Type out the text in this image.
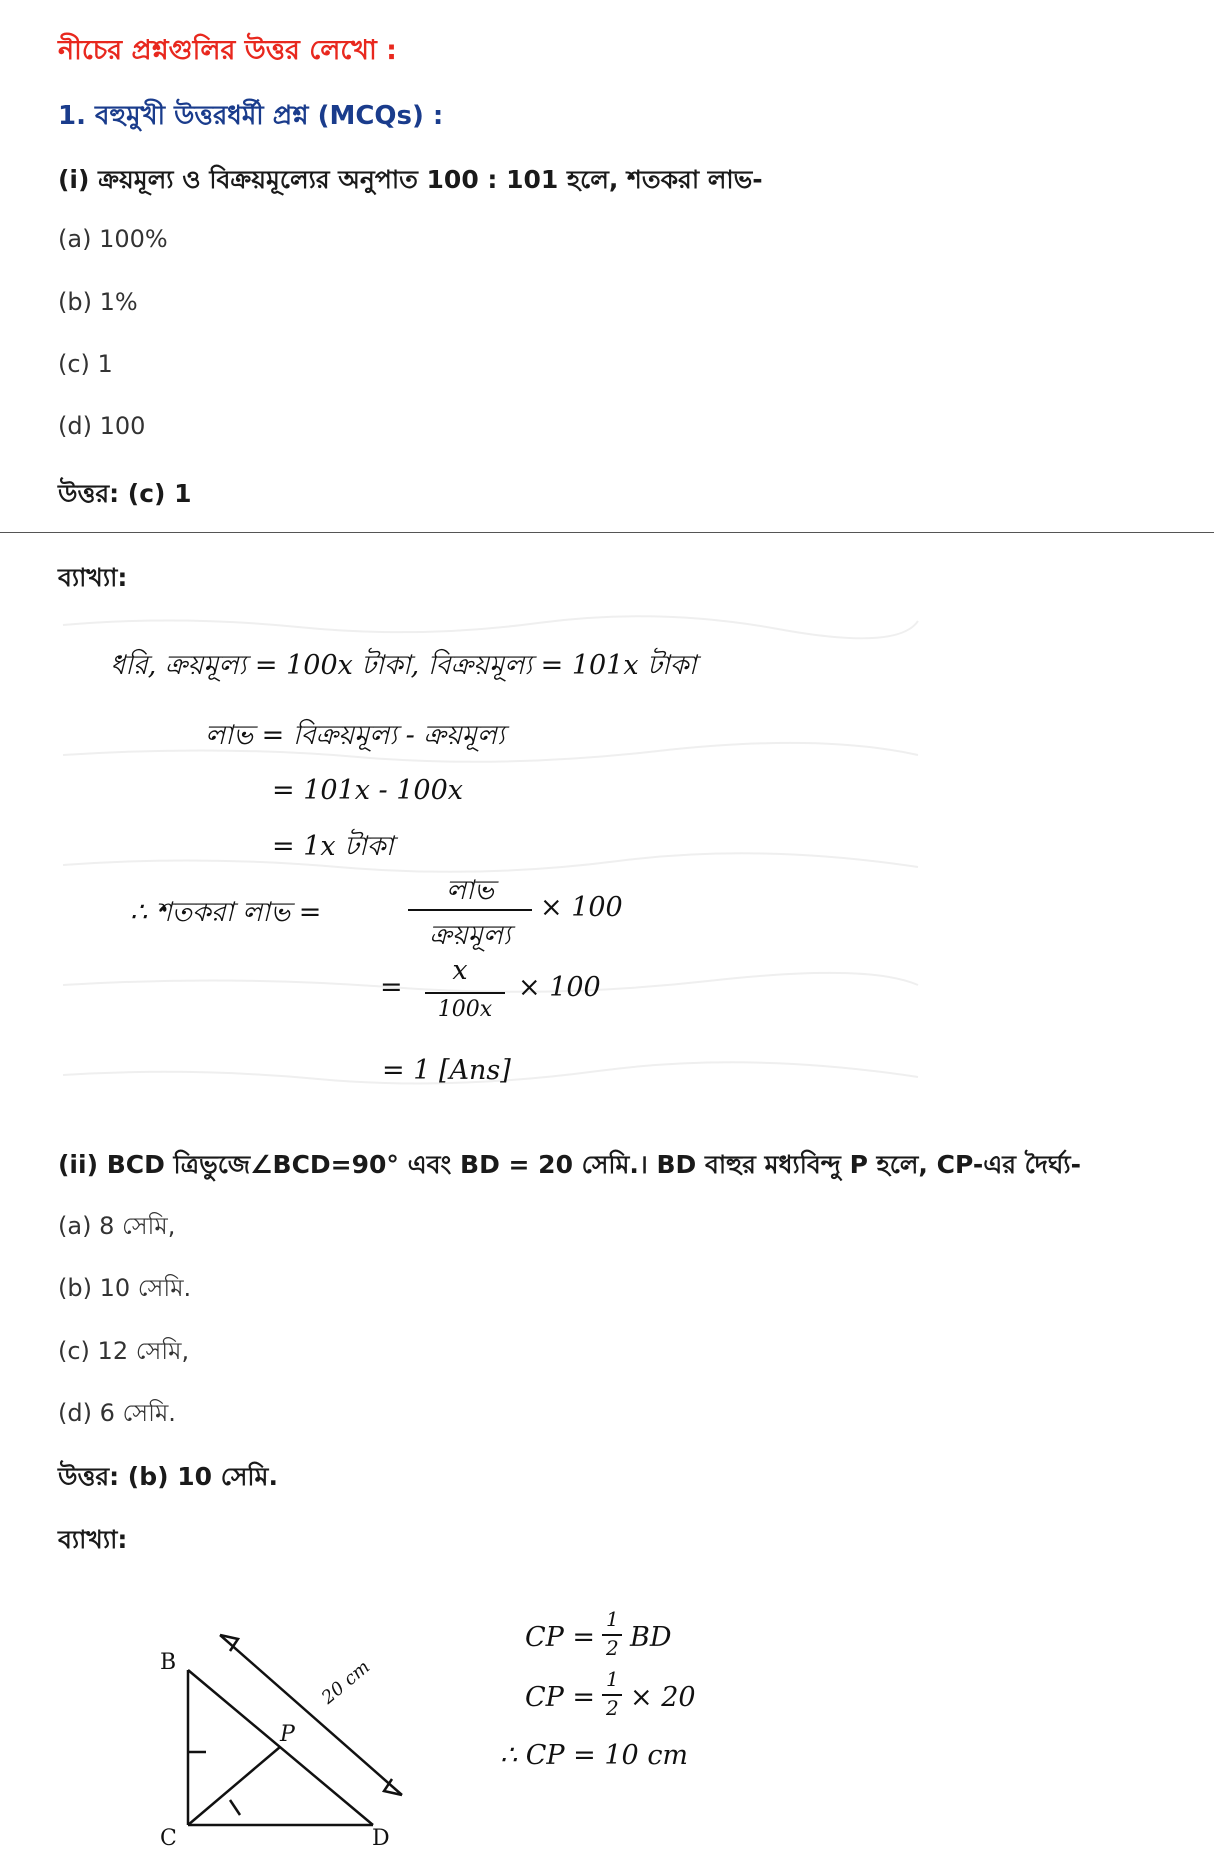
নীচের প্রশ্নগুলির উত্তর লেখো :
1. বহুমুখী উত্তরধর্মী প্রশ্ন (MCQs) :
(i) ক্রয়মূল্য ও বিক্রয়মূল্যের অনুপাত 100 : 101 হলে, শতকরা লাভ-
(a) 100%
(b) 1%
(c) 1
(d) 100
উত্তর: (c) 1
ব্যাখ্যা:
ধরি, ক্রয়মূল্য = 100x টাকা, বিক্রয়মূল্য = 101x টাকা
লাভ = বিক্রয়মূল্য - ক্রয়মূল্য
= 101x - 100x
= 1x টাকা
∴ শতকরা লাভ =
লাভ
ক্রয়মূল্য
× 100
=
x
100x
× 100
= 1 [Ans]
(ii) BCD ত্রিভুজে∠BCD=90° এবং BD = 20 সেমি.। BD বাহুর মধ্যবিন্দু P হলে, CP-এর দৈর্ঘ্য-
(a) 8 সেমি,
(b) 10 সেমি.
(c) 12 সেমি,
(d) 6 সেমি.
উত্তর: (b) 10 সেমি.
ব্যাখ্যা:
B
C	D
P
20 cm
CP =
1
2 BD
CP =
1
2 × 20
∴ CP = 10 cm
